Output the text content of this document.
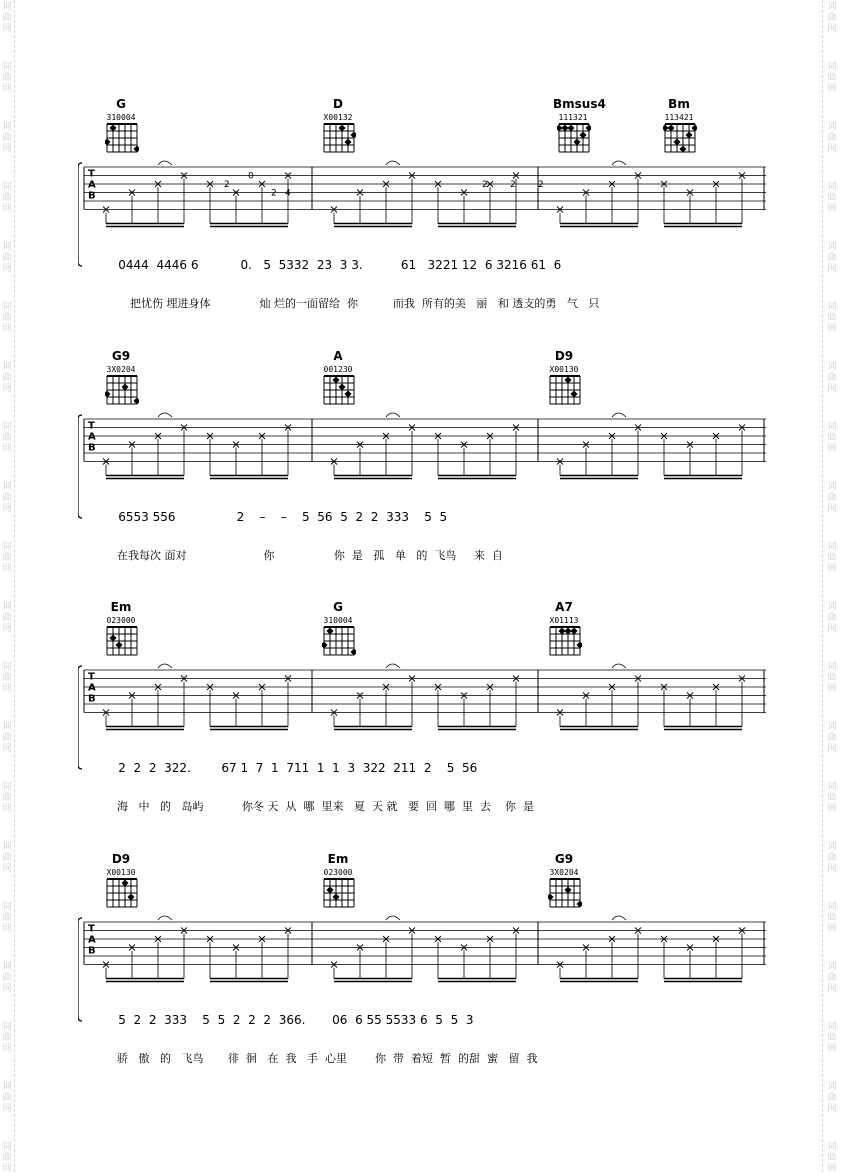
词
曲
网
词
曲
网
词
曲
网
词
曲
网
词
曲
网
词
曲
网
词
曲
网
词
曲
网
词
曲
网
词
曲
网
词
曲
网
词
曲
网
词
曲
网
词
曲
网
词
曲
网
词
曲
网
词
曲
网
词
曲
网
词
曲
网
词
曲
网
词
曲
网
词
曲
网
词
曲
网
词
曲
网
词
曲
网
词
曲
网
词
曲
网
词
曲
网
词
曲
网
词
曲
网
词
曲
网
词
曲
网
词
曲
网
词
曲
网
词
曲
网
词
曲
网
词
曲
网
词
曲
网
词
曲
网
词
曲
网
G
310004
D
X00132
Bmsus4
111321
Bm
113421
T
A
B
2
0
2 4
2 2 2

0444 4446 6	0. 5 5332 23 3 3.	61 3221 12 6 3216 61 6

把忧伤 埋进身体	灿 烂的一面留给 你	而我 所有的美 丽 和 透支的勇 气 只

G9
3X0204
A
001230
D9
X00130
T
A
B

6553 556	2 – – 5 56 5 2 2 333 5 5

在我每次 面对	你	你 是 孤 单 的 飞鸟 来 自

Em
023000
G
310004
A7
X01113
T
A
B

2 2 2 322.	67 1 7 1 711 1 1 3 322 211 2 5 56

海 中 的 岛屿	你冬 天 从 哪 里来 夏 天 就 要 回 哪 里 去 你 是

D9
X00130
Em
023000
G9
3X0204
T
A
B

5 2 2 333 5 5 2 2 2 366. 06 6 55 5533 6 5 5 3

骄 傲 的 飞鸟 徘 徊 在 我 手 心里	你 带 着短 暂 的甜 蜜 留 我
